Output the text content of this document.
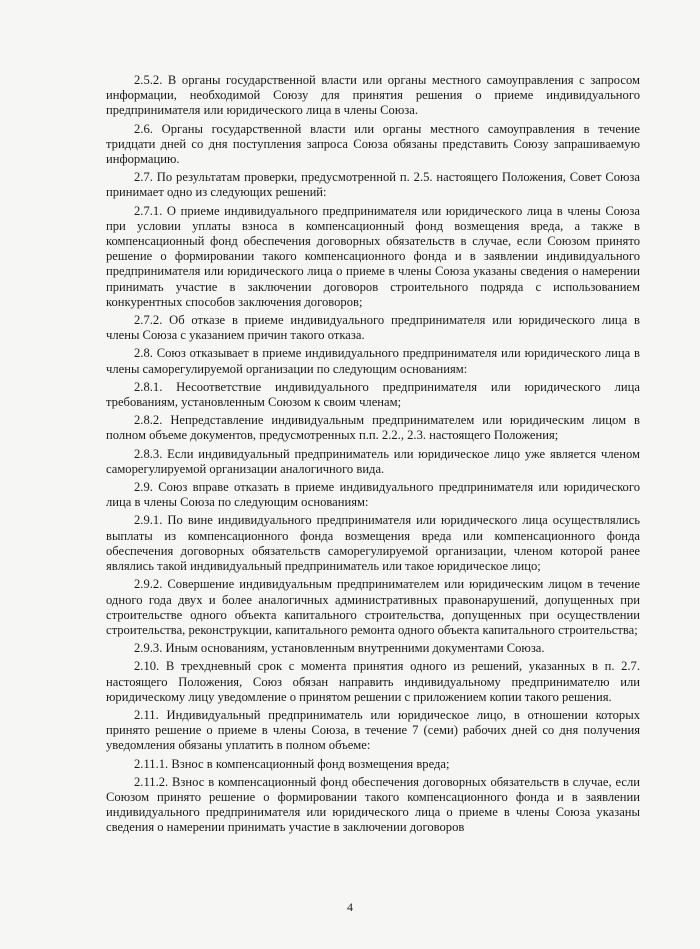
2.5.2. В органы государственной власти или органы местного самоуправления с запросом информации, необходимой Союзу для принятия решения о приеме индивидуального предпринимателя или юридического лица в члены Союза.

2.6. Органы государственной власти или органы местного самоуправления в течение тридцати дней со дня поступления запроса Союза обязаны представить Союзу запрашиваемую информацию.

2.7. По результатам проверки, предусмотренной п. 2.5. настоящего Положения, Совет Союза принимает одно из следующих решений:

2.7.1. О приеме индивидуального предпринимателя или юридического лица в члены Союза при условии уплаты взноса в компенсационный фонд возмещения вреда, а также в компенсационный фонд обеспечения договорных обязательств в случае, если Союзом принято решение о формировании такого компенсационного фонда и в заявлении индивидуального предпринимателя или юридического лица о приеме в члены Союза указаны сведения о намерении принимать участие в заключении договоров строительного подряда с использованием конкурентных способов заключения договоров;

2.7.2. Об отказе в приеме индивидуального предпринимателя или юридического лица в члены Союза с указанием причин такого отказа.

2.8. Союз отказывает в приеме индивидуального предпринимателя или юридического лица в члены саморегулируемой организации по следующим основаниям:

2.8.1. Несоответствие индивидуального предпринимателя или юридического лица требованиям, установленным Союзом к своим членам;

2.8.2. Непредставление индивидуальным предпринимателем или юридическим лицом в полном объеме документов, предусмотренных п.п. 2.2., 2.3. настоящего Положения;

2.8.3. Если индивидуальный предприниматель или юридическое лицо уже является членом саморегулируемой организации аналогичного вида.

2.9. Союз вправе отказать в приеме индивидуального предпринимателя или юридического лица в члены Союза по следующим основаниям:

2.9.1. По вине индивидуального предпринимателя или юридического лица осуществлялись выплаты из компенсационного фонда возмещения вреда или компенсационного фонда обеспечения договорных обязательств саморегулируемой организации, членом которой ранее являлись такой индивидуальный предприниматель или такое юридическое лицо;

2.9.2. Совершение индивидуальным предпринимателем или юридическим лицом в течение одного года двух и более аналогичных административных правонарушений, допущенных при строительстве одного объекта капитального строительства, допущенных при осуществлении строительства, реконструкции, капитального ремонта одного объекта капитального строительства;

2.9.3. Иным основаниям, установленным внутренними документами Союза.

2.10. В трехдневный срок с момента принятия одного из решений, указанных в п. 2.7. настоящего Положения, Союз обязан направить индивидуальному предпринимателю или юридическому лицу уведомление о принятом решении с приложением копии такого решения.

2.11. Индивидуальный предприниматель или юридическое лицо, в отношении которых принято решение о приеме в члены Союза, в течение 7 (семи) рабочих дней со дня получения уведомления обязаны уплатить в полном объеме:

2.11.1. Взнос в компенсационный фонд возмещения вреда;

2.11.2. Взнос в компенсационный фонд обеспечения договорных обязательств в случае, если Союзом принято решение о формировании такого компенсационного фонда и в заявлении индивидуального предпринимателя или юридического лица о приеме в члены Союза указаны сведения о намерении принимать участие в заключении договоров

4
